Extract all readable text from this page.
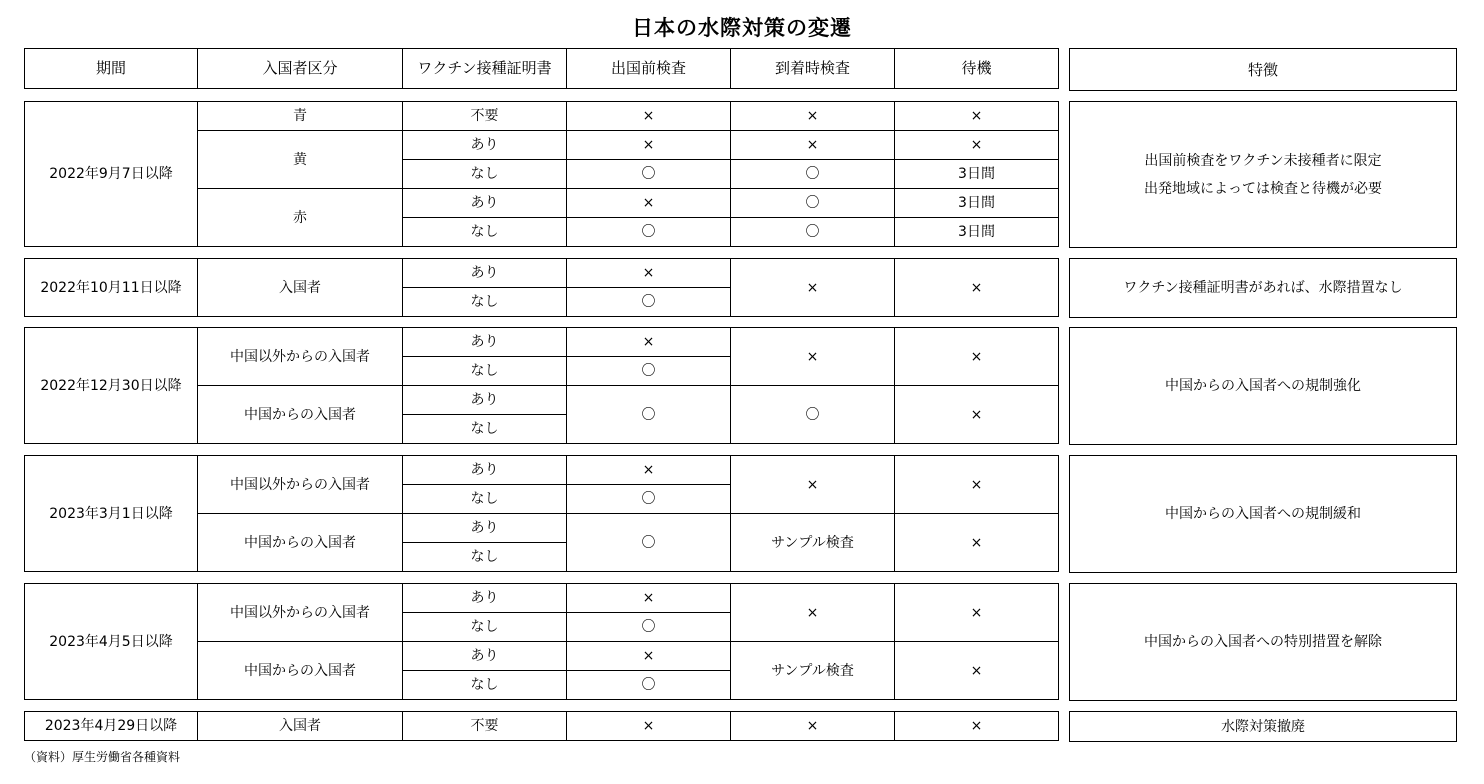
日本の水際対策の変遷
期間	入国者区分	ワクチン接種証明書	出国前検査	到着時検査	待機	特徴
2022年9月7日以降	青	不要	×	×	×
	黄	あり	×	×	×
		なし	〇	〇	3日間
	赤	あり	×	〇	3日間
		なし	〇	〇	3日間
出国前検査をワクチン未接種者に限定
出発地域によっては検査と待機が必要
2022年10月11日以降	入国者	あり	×	×	×
		なし	〇		
ワクチン接種証明書があれば、水際措置なし
2022年12月30日以降	中国以外からの入国者	あり	×	×	×
		なし	〇		
	中国からの入国者	あり	〇	〇	×
		なし			
中国からの入国者への規制強化
2023年3月1日以降	中国以外からの入国者	あり	×	×	×
		なし	〇		
	中国からの入国者	あり	〇	サンプル検査	×
		なし			
中国からの入国者への規制緩和
2023年4月5日以降	中国以外からの入国者	あり	×	×	×
		なし	〇		
	中国からの入国者	あり	×	サンプル検査	×
		なし	〇		
中国からの入国者への特別措置を解除
2023年4月29日以降	入国者	不要	×	×	×	水際対策撤廃
（資料）厚生労働省各種資料
